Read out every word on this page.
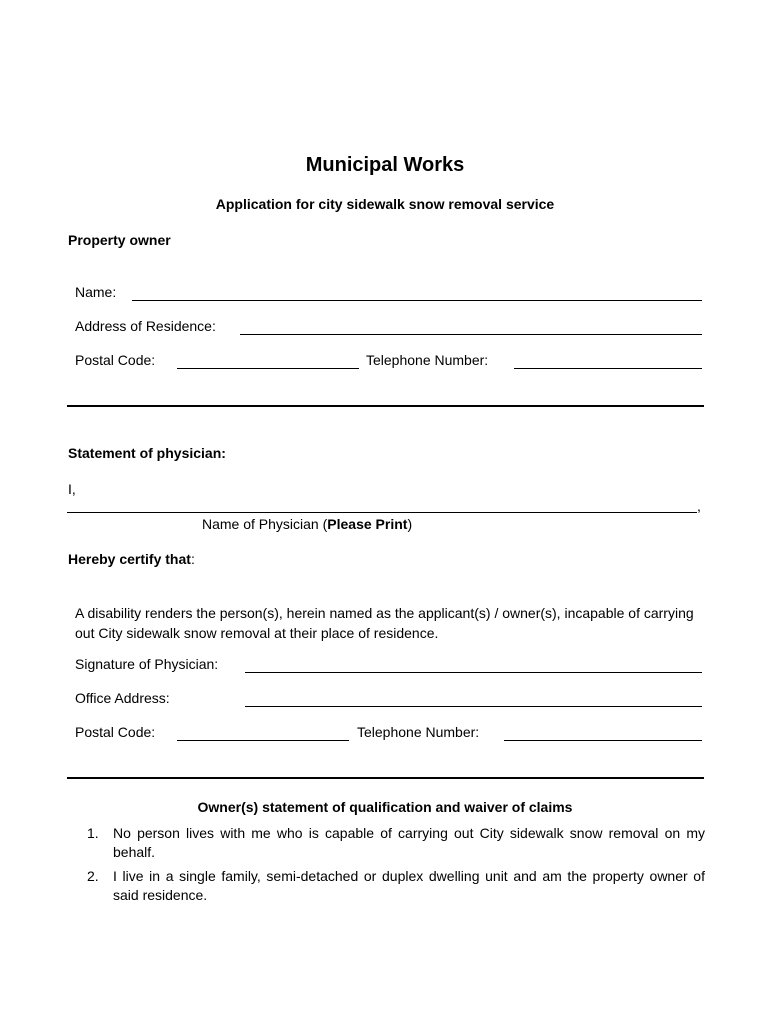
Municipal Works
Application for city sidewalk snow removal service
Property owner
Name:
Address of Residence:
Postal Code:	Telephone Number:
Statement of physician:
I,
,
Name of Physician (Please Print)
Hereby certify that:
A disability renders the person(s), herein named as the applicant(s) / owner(s), incapable of carrying out City sidewalk snow removal at their place of residence.
Signature of Physician:
Office Address:
Postal Code:	Telephone Number:
Owner(s) statement of qualification and waiver of claims
1. No person lives with me who is capable of carrying out City sidewalk snow removal on my behalf.
2. I live in a single family, semi-detached or duplex dwelling unit and am the property owner of said residence.
